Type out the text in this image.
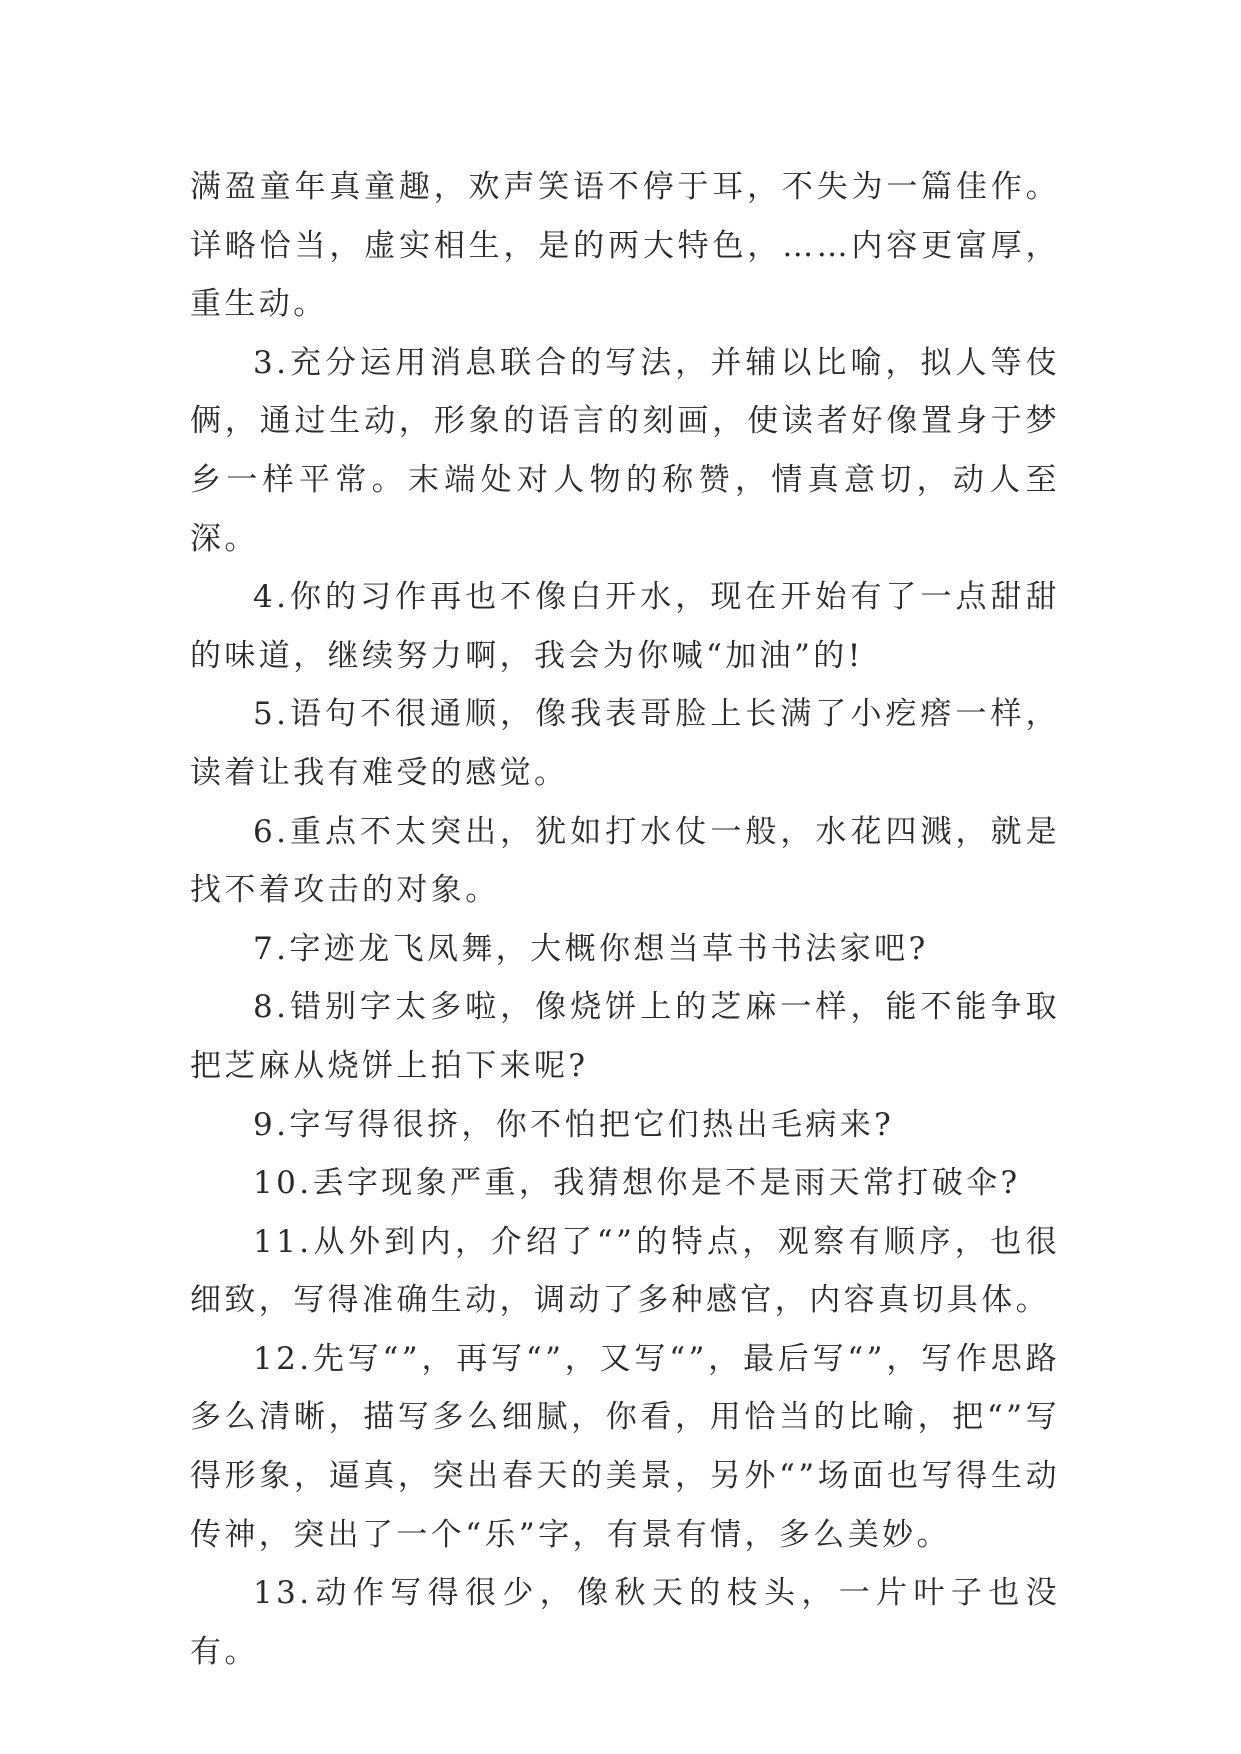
满盈童年真童趣，欢声笑语不停于耳，不失为一篇佳作。详略恰当，虚实相生，是的两大特色，……内容更富厚，重生动。

3.充分运用消息联合的写法，并辅以比喻，拟人等伎俩，通过生动，形象的语言的刻画，使读者好像置身于梦乡一样平常。末端处对人物的称赞，情真意切，动人至深。

4.你的习作再也不像白开水，现在开始有了一点甜甜的味道，继续努力啊，我会为你喊“加油”的!

5.语句不很通顺，像我表哥脸上长满了小疙瘩一样，读着让我有难受的感觉。

6.重点不太突出，犹如打水仗一般，水花四溅，就是找不着攻击的对象。

7.字迹龙飞凤舞，大概你想当草书书法家吧?

8.错别字太多啦，像烧饼上的芝麻一样，能不能争取把芝麻从烧饼上拍下来呢?

9.字写得很挤，你不怕把它们热出毛病来?

10.丢字现象严重，我猜想你是不是雨天常打破伞?

11.从外到内，介绍了“”的特点，观察有顺序，也很细致，写得准确生动，调动了多种感官，内容真切具体。

12.先写“”，再写“”，又写“”，最后写“”，写作思路多么清晰，描写多么细腻，你看，用恰当的比喻，把“”写得形象，逼真，突出春天的美景，另外“”场面也写得生动传神，突出了一个“乐”字，有景有情，多么美妙。

13.动作写得很少，像秋天的枝头，一片叶子也没有。
